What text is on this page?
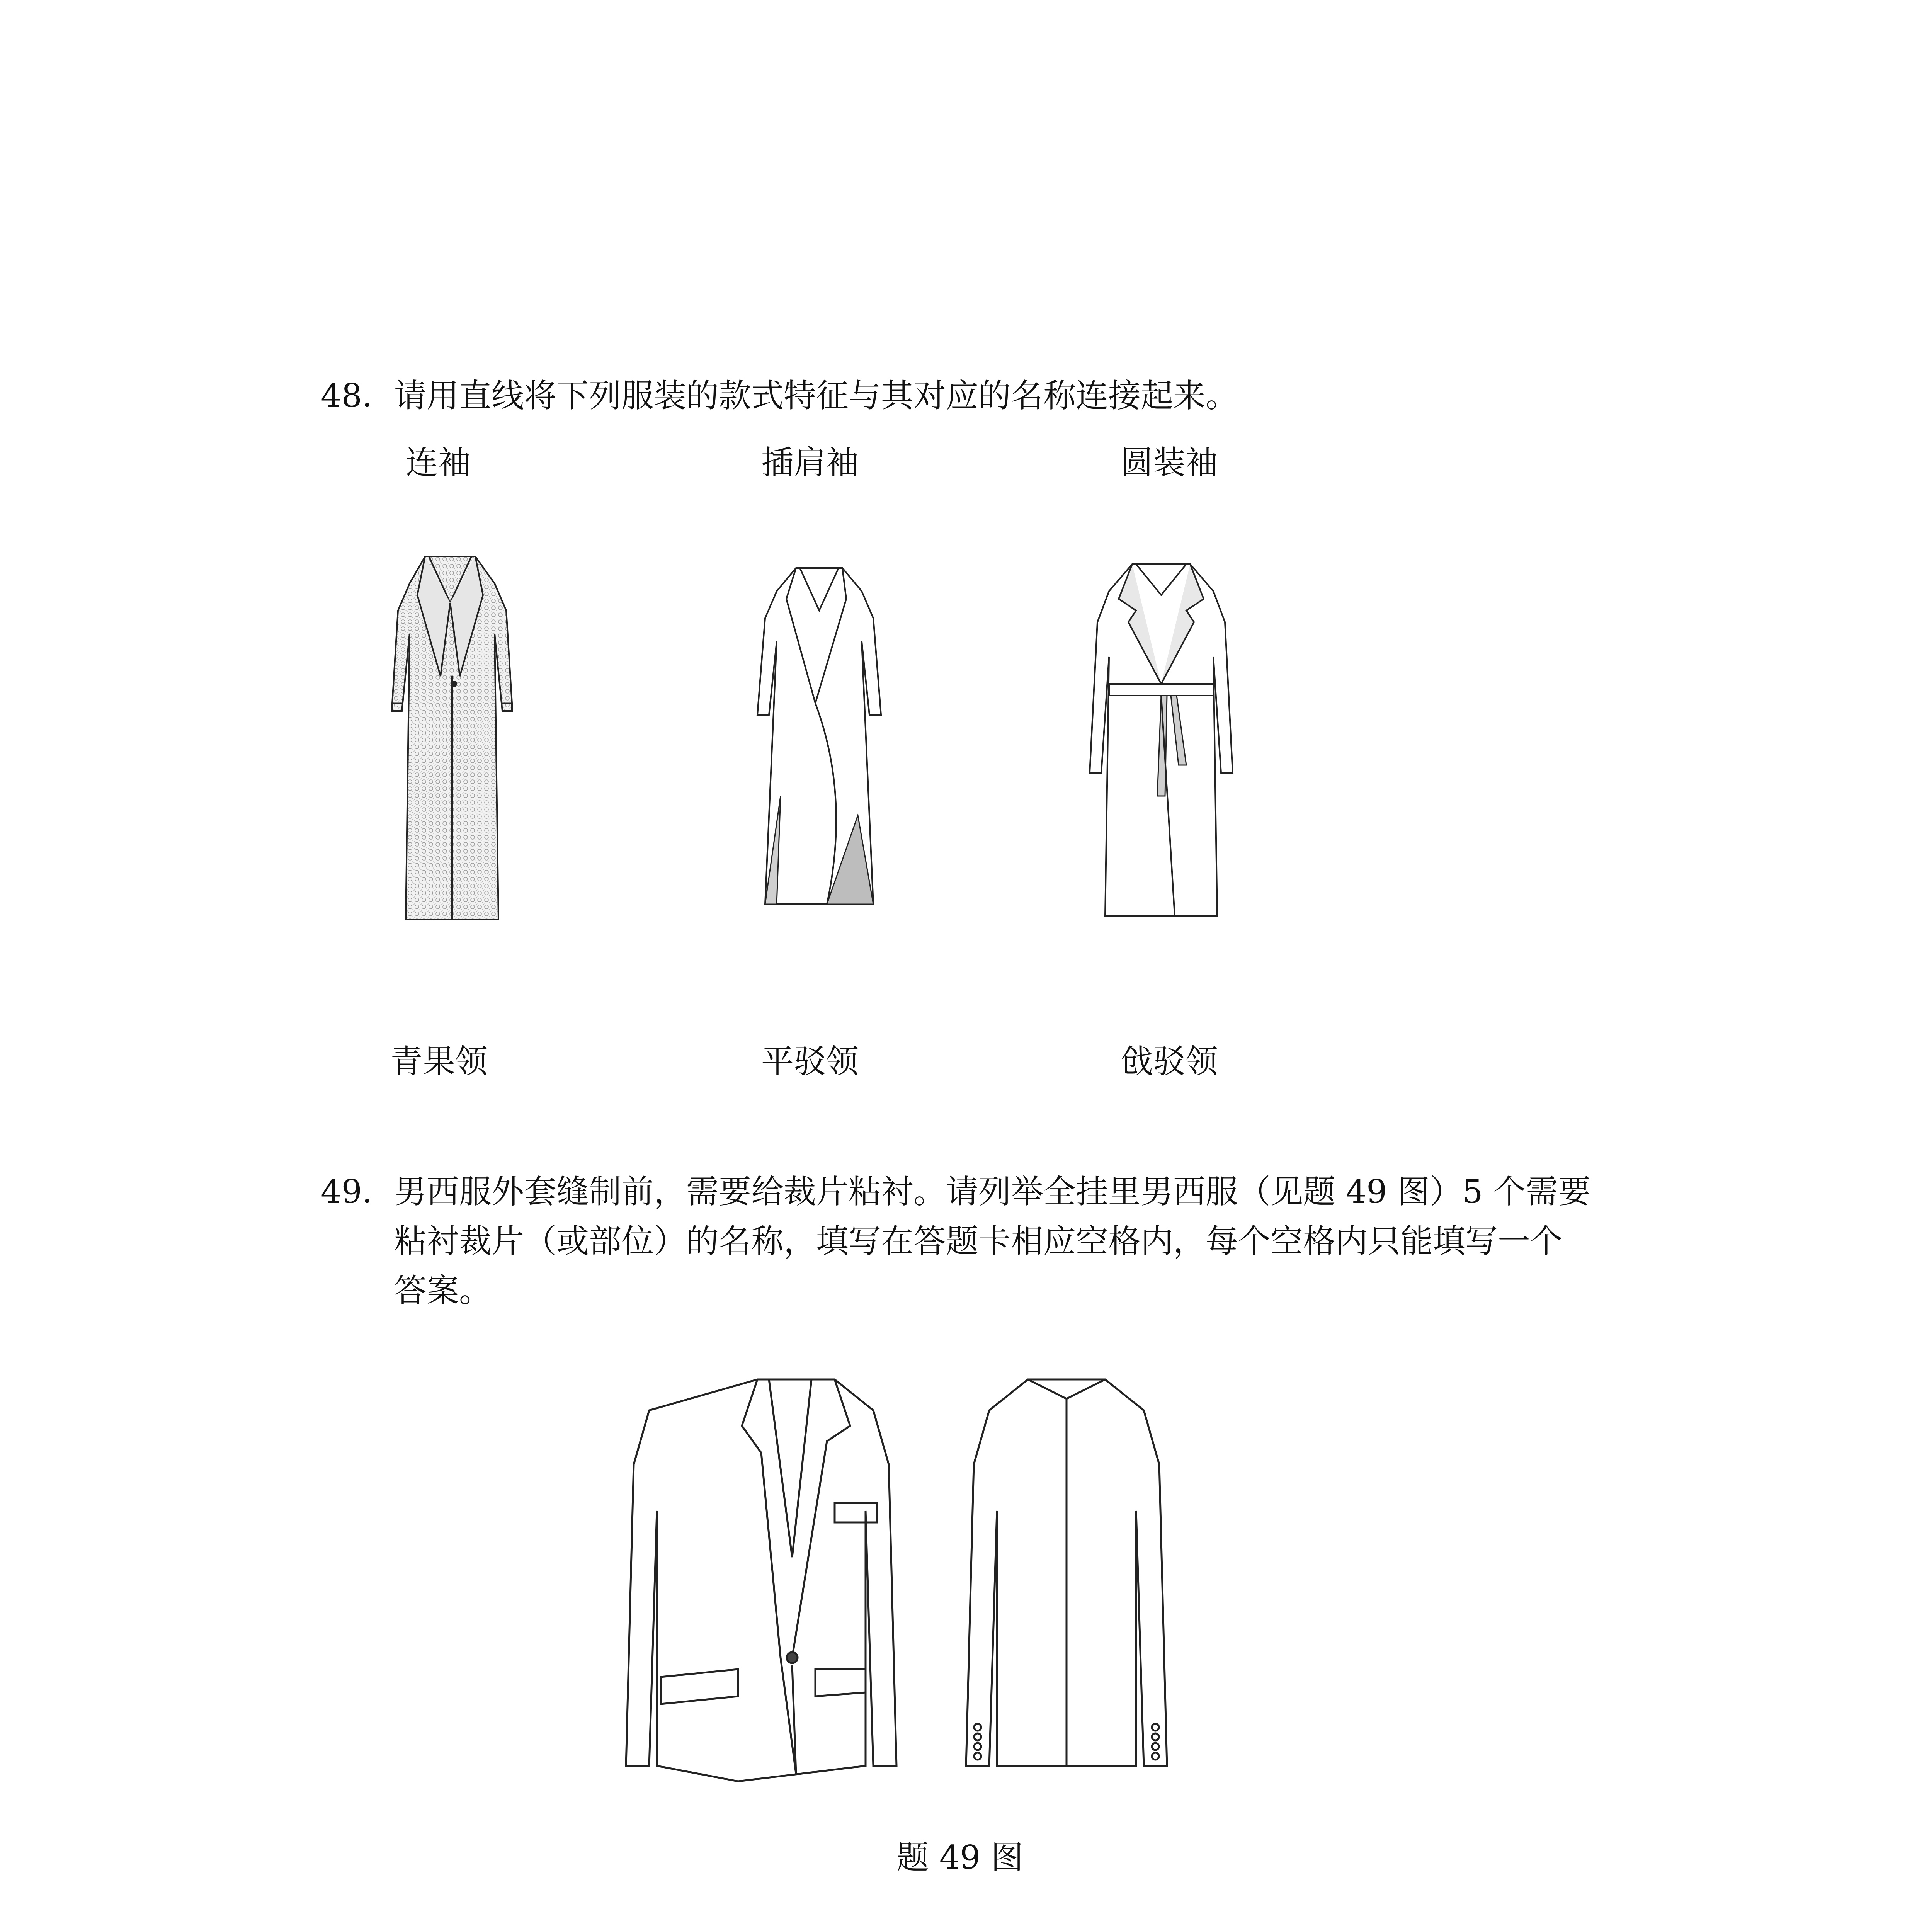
48． 请用直线将下列服装的款式特征与其对应的名称连接起来。
连袖	插肩袖	圆装袖
青果领	平驳领	戗驳领
49． 男西服外套缝制前，需要给裁片粘衬。请列举全挂里男西服（见题 49 图）5 个需要
粘衬裁片（或部位）的名称，填写在答题卡相应空格内，每个空格内只能填写一个
答案。
题 49 图
